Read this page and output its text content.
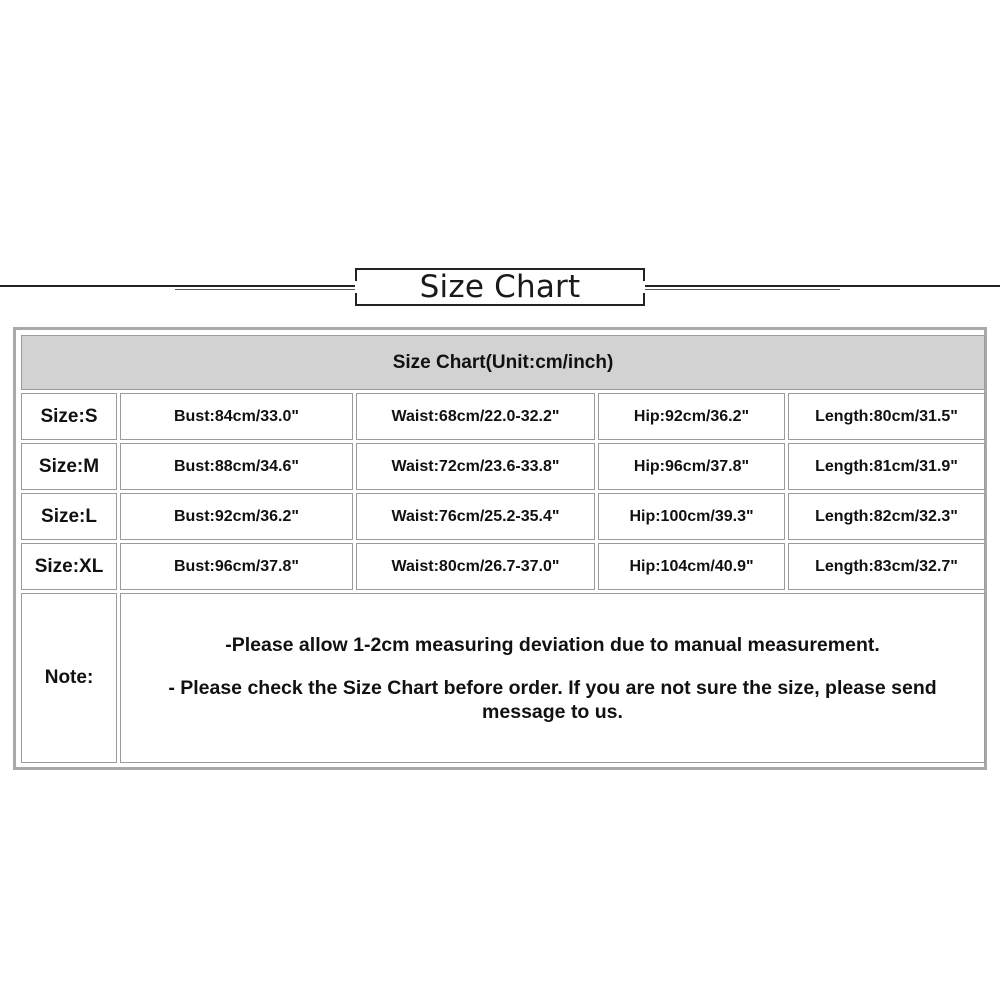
Size Chart
Size Chart(Unit:cm/inch)				
Size:S	Bust:84cm/33.0"	Waist:68cm/22.0-32.2"	Hip:92cm/36.2"	Length:80cm/31.5"
Size:M	Bust:88cm/34.6"	Waist:72cm/23.6-33.8"	Hip:96cm/37.8"	Length:81cm/31.9"
Size:L	Bust:92cm/36.2"	Waist:76cm/25.2-35.4"	Hip:100cm/39.3"	Length:82cm/32.3"
Size:XL	Bust:96cm/37.8"	Waist:80cm/26.7-37.0"	Hip:104cm/40.9"	Length:83cm/32.7"
Note:	-Please allow 1-2cm measuring deviation due to manual measurement.

- Please check the Size Chart before order. If you are not sure the size, please send message to us.			
